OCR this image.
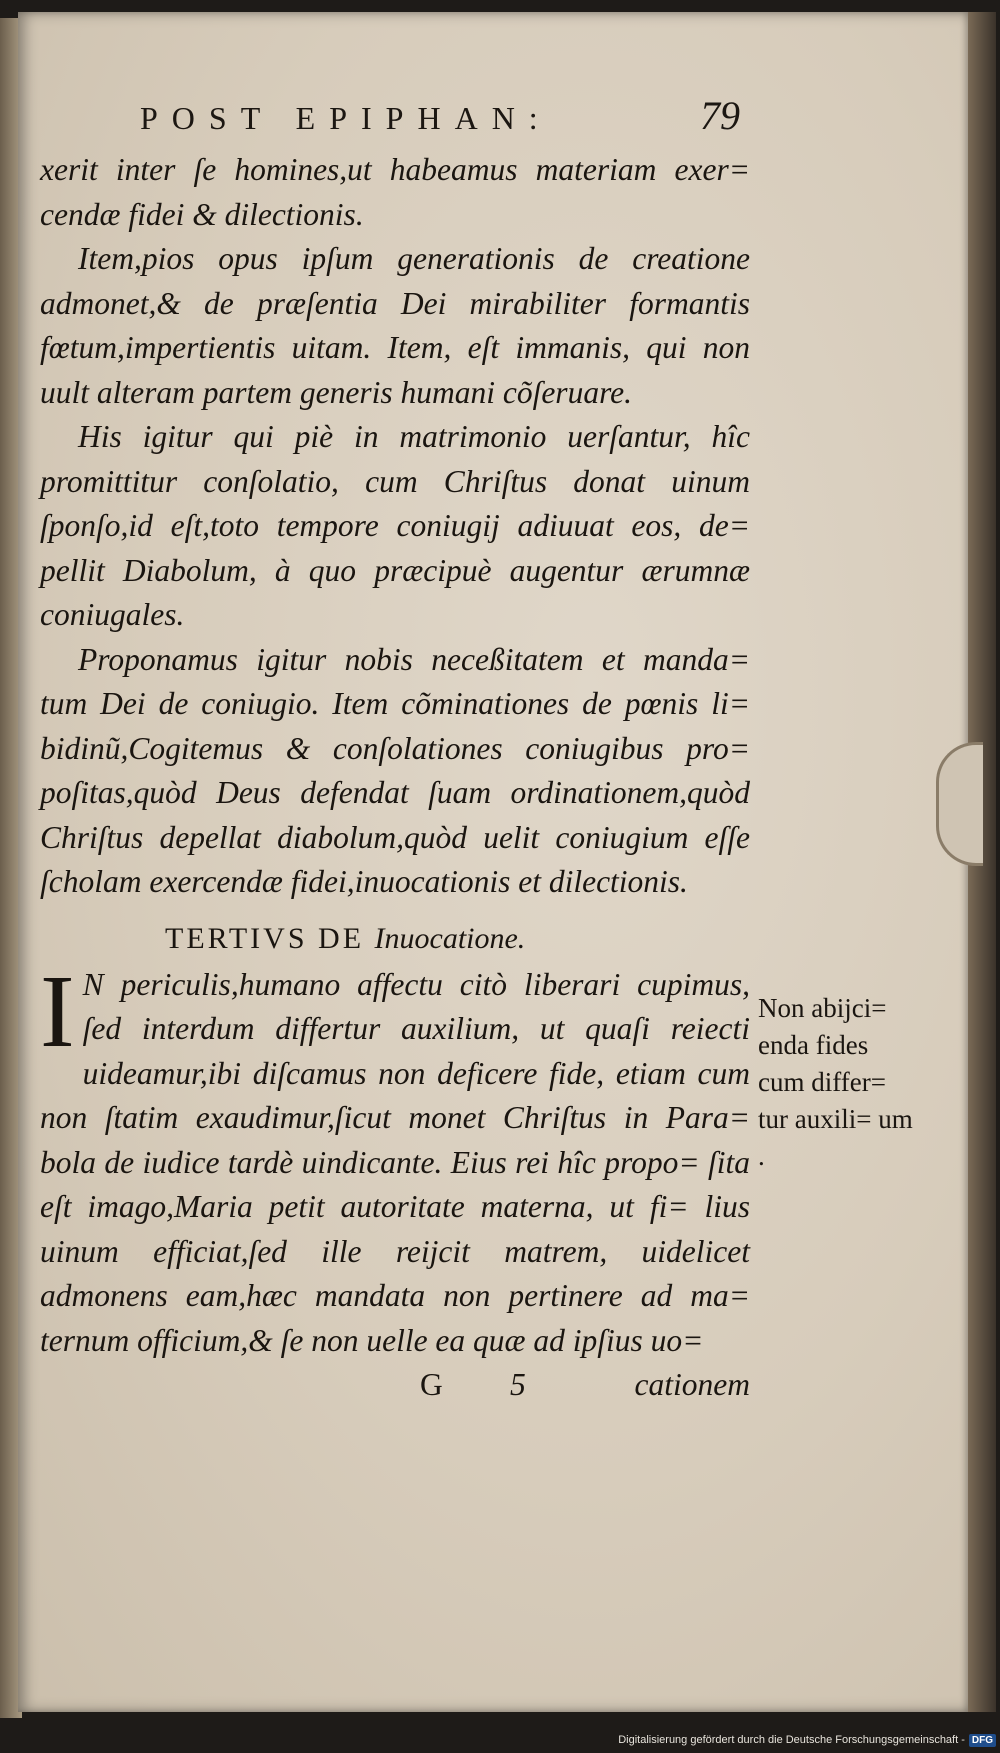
POST EPIPHAN:	79

xerit inter ſe homines,ut habeamus materiam exer= cendæ fidei & dilectionis.

Item,pios opus ipſum generationis de creatione admonet,& de præſentia Dei mirabiliter formantis fœtum,impertientis uitam. Item, eſt immanis, qui non uult alteram partem generis humani cõſeruare.

His igitur qui piè in matrimonio uerſantur, hîc promittitur conſolatio, cum Chriſtus donat uinum ſponſo,id eſt,toto tempore coniugij adiuuat eos, de= pellit Diabolum, à quo præcipuè augentur ærumnæ coniugales.

Proponamus igitur nobis neceßitatem et manda= tum Dei de coniugio. Item cõminationes de pœnis li= bidinũ,Cogitemus & conſolationes coniugibus pro= poſitas,quòd Deus defendat ſuam ordinationem,quòd Chriſtus depellat diabolum,quòd uelit coniugium eſſe ſcholam exercendæ fidei,inuocationis et dilectionis.

TERTIVS DE Inuocatione.

I N periculis,humano affectu citò liberari cupimus, ſed interdum differtur auxilium, ut quaſi reiecti uideamur,ibi diſcamus non deficere fide, etiam cum non ſtatim exaudimur,ſicut monet Chriſtus in Para= bola de iudice tardè uindicante. Eius rei hîc propo= ſita eſt imago,Maria petit autoritate materna, ut fi= lius uinum efficiat,ſed ille reijcit matrem, uidelicet admonens eam,hæc mandata non pertinere ad ma= ternum officium,& ſe non uelle ea quæ ad ipſius uo=

G	5	cationem
Non abijci= enda fides cum differ= tur auxili= um .
Digitalisierung gefördert durch die Deutsche Forschungsgemeinschaft - DFG
